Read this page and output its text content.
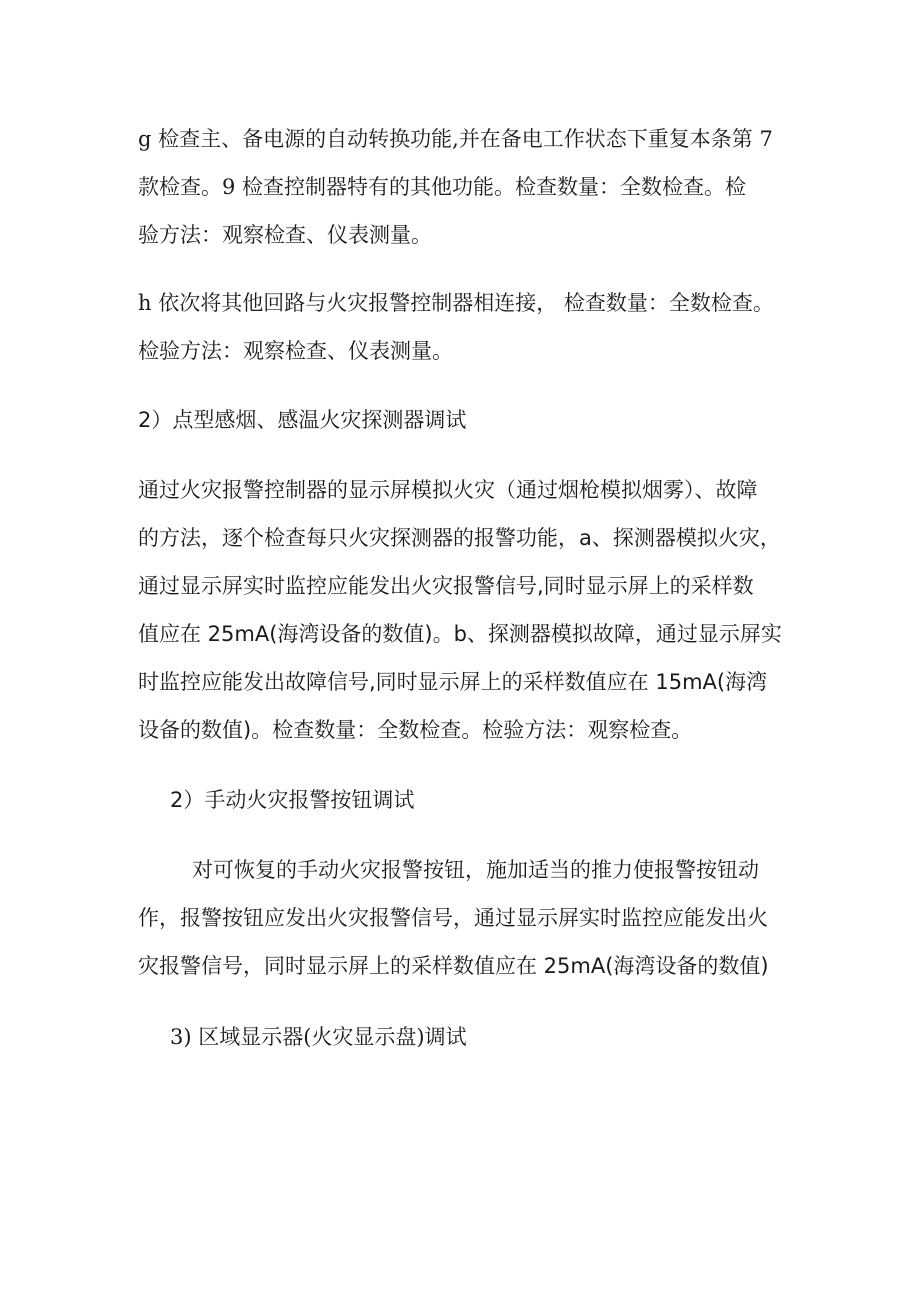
g 检查主、备电源的自动转换功能,并在备电工作状态下重复本条第 7
款检查。9 检查控制器特有的其他功能。检查数量：全数检查。检
验方法：观察检查、仪表测量。

h 依次将其他回路与火灾报警控制器相连接， 检查数量：全数检查。
检验方法：观察检查、仪表测量。

2）点型感烟、感温火灾探测器调试

通过火灾报警控制器的显示屏模拟火灾（通过烟枪模拟烟雾）、故障
的方法，逐个检查每只火灾探测器的报警功能，a、探测器模拟火灾，
通过显示屏实时监控应能发出火灾报警信号,同时显示屏上的采样数
值应在 25mA(海湾设备的数值)。b、探测器模拟故障，通过显示屏实
时监控应能发出故障信号,同时显示屏上的采样数值应在 15mA(海湾
设备的数值)。检查数量：全数检查。检验方法：观察检查。

2）手动火灾报警按钮调试

对可恢复的手动火灾报警按钮，施加适当的推力使报警按钮动
作，报警按钮应发出火灾报警信号，通过显示屏实时监控应能发出火
灾报警信号，同时显示屏上的采样数值应在 25mA(海湾设备的数值)

3) 区域显示器(火灾显示盘)调试
